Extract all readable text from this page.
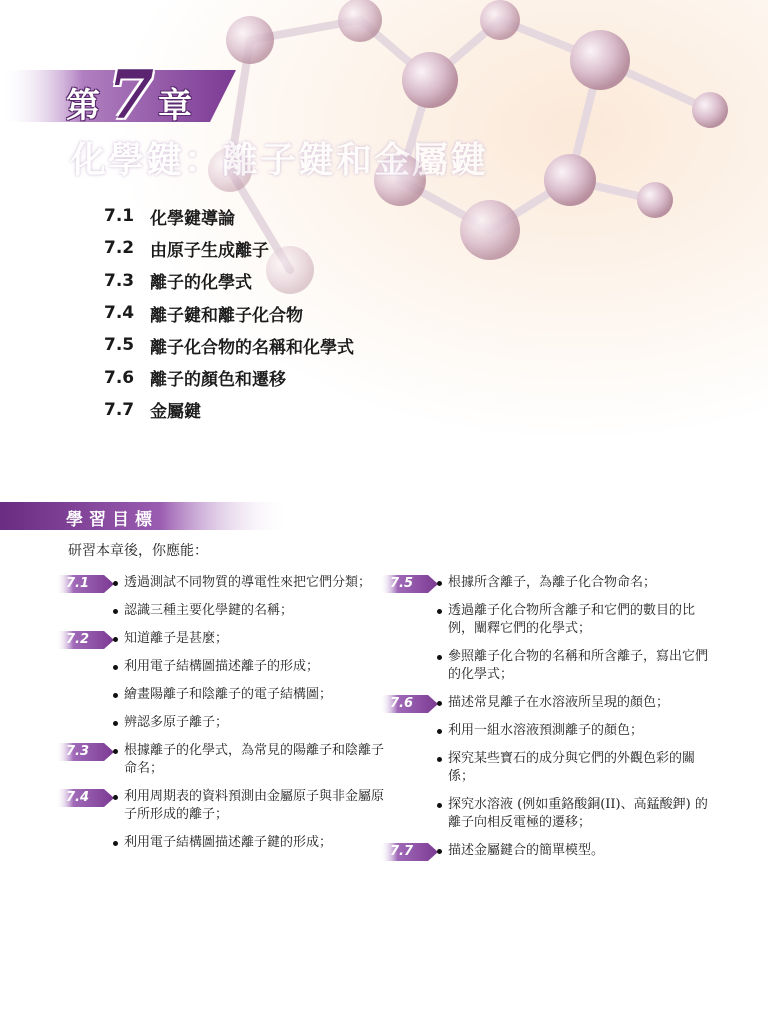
第 7 章
化學鍵：離子鍵和金屬鍵
7.1 化學鍵導論
7.2 由原子生成離子
7.3 離子的化學式
7.4 離子鍵和離子化合物
7.5 離子化合物的名稱和化學式
7.6 離子的顏色和遷移
7.7 金屬鍵
學習目標
研習本章後，你應能：
7.1	透過測試不同物質的導電性來把它們分類；
認識三種主要化學鍵的名稱；
7.2	知道離子是甚麼；
利用電子結構圖描述離子的形成；
繪畫陽離子和陰離子的電子結構圖；
辨認多原子離子；
7.3	根據離子的化學式，為常見的陽離子和陰離子命名；
7.4	利用周期表的資料預測由金屬原子與非金屬原子所形成的離子；
利用電子結構圖描述離子鍵的形成；
7.5	根據所含離子，為離子化合物命名；
透過離子化合物所含離子和它們的數目的比例，闡釋它們的化學式；
參照離子化合物的名稱和所含離子，寫出它們的化學式；
7.6	描述常見離子在水溶液所呈現的顏色；
利用一組水溶液預測離子的顏色；
探究某些寶石的成分與它們的外觀色彩的關係；
探究水溶液 (例如重鉻酸銅(II)、高錳酸鉀) 的離子向相反電極的遷移；
7.7	描述金屬鍵合的簡單模型。
